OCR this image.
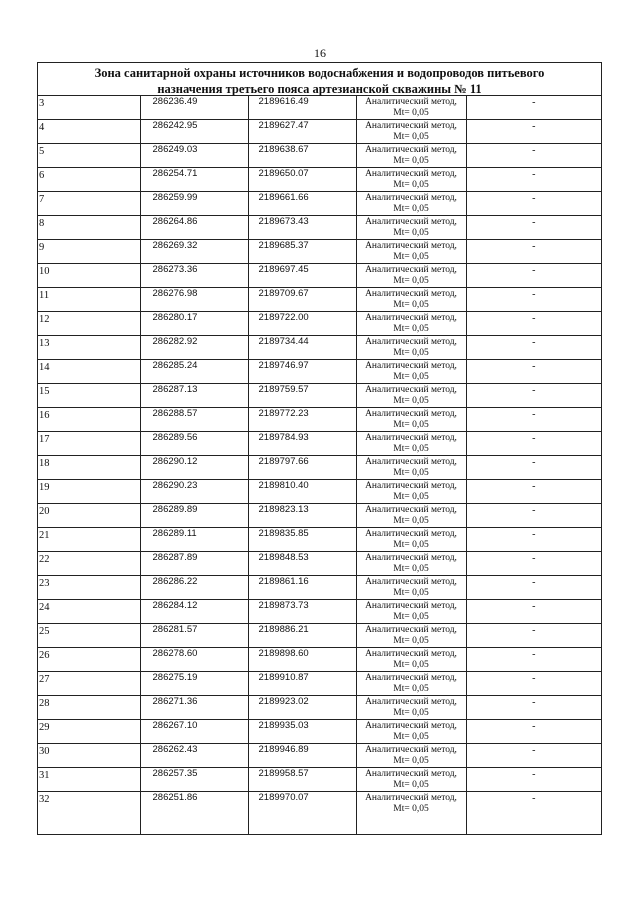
16
Зона санитарной охраны источников водоснабжения и водопроводов питьевого
назначения третьего пояса артезианской скважины № 11
3	286236.49	2189616.49	Аналитический метод,
Mt= 0,05	-
4	286242.95	2189627.47	Аналитический метод,
Mt= 0,05	-
5	286249.03	2189638.67	Аналитический метод,
Mt= 0,05	-
6	286254.71	2189650.07	Аналитический метод,
Mt= 0,05	-
7	286259.99	2189661.66	Аналитический метод,
Mt= 0,05	-
8	286264.86	2189673.43	Аналитический метод,
Mt= 0,05	-
9	286269.32	2189685.37	Аналитический метод,
Mt= 0,05	-
10	286273.36	2189697.45	Аналитический метод,
Mt= 0,05	-
11	286276.98	2189709.67	Аналитический метод,
Mt= 0,05	-
12	286280.17	2189722.00	Аналитический метод,
Mt= 0,05	-
13	286282.92	2189734.44	Аналитический метод,
Mt= 0,05	-
14	286285.24	2189746.97	Аналитический метод,
Mt= 0,05	-
15	286287.13	2189759.57	Аналитический метод,
Mt= 0,05	-
16	286288.57	2189772.23	Аналитический метод,
Mt= 0,05	-
17	286289.56	2189784.93	Аналитический метод,
Mt= 0,05	-
18	286290.12	2189797.66	Аналитический метод,
Mt= 0,05	-
19	286290.23	2189810.40	Аналитический метод,
Mt= 0,05	-
20	286289.89	2189823.13	Аналитический метод,
Mt= 0,05	-
21	286289.11	2189835.85	Аналитический метод,
Mt= 0,05	-
22	286287.89	2189848.53	Аналитический метод,
Mt= 0,05	-
23	286286.22	2189861.16	Аналитический метод,
Mt= 0,05	-
24	286284.12	2189873.73	Аналитический метод,
Mt= 0,05	-
25	286281.57	2189886.21	Аналитический метод,
Mt= 0,05	-
26	286278.60	2189898.60	Аналитический метод,
Mt= 0,05	-
27	286275.19	2189910.87	Аналитический метод,
Mt= 0,05	-
28	286271.36	2189923.02	Аналитический метод,
Mt= 0,05	-
29	286267.10	2189935.03	Аналитический метод,
Mt= 0,05	-
30	286262.43	2189946.89	Аналитический метод,
Mt= 0,05	-
31	286257.35	2189958.57	Аналитический метод,
Mt= 0,05	-
32	286251.86	2189970.07	Аналитический метод,
Mt= 0,05	-
